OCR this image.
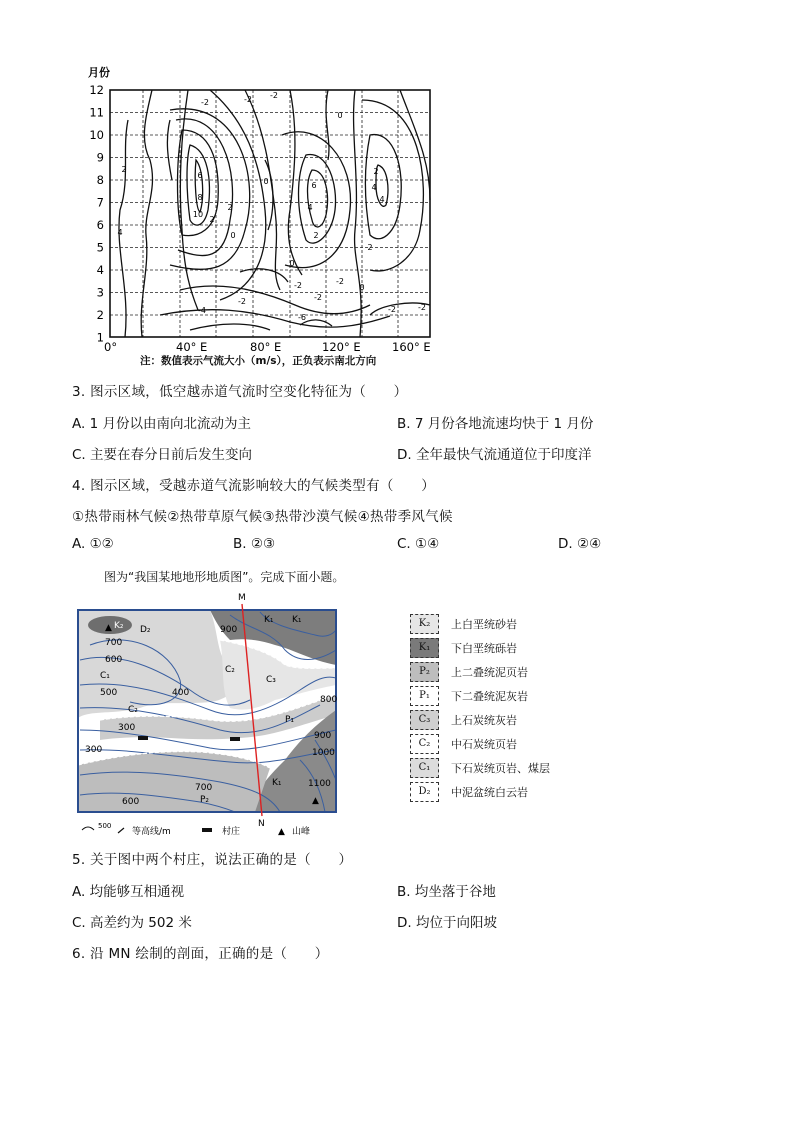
月份
12
11
10
9
8
7
6
5
4
3
2
1
-2	-2 -2
0
0
2
4
6
8
10
2
2
0
-2
0
4
2
6
-2
-2
-6
-4	-2	-2
-2
2
4
4
2
0
0°	40° E	80° E	120° E	160° E
注：数值表示气流大小（m/s），正负表示南北方向
3. 图示区域，低空越赤道气流时空变化特征为（　　）
A. 1 月份以由南向北流动为主	B. 7 月份各地流速均快于 1 月份
C. 主要在春分日前后发生变向	D. 全年最快气流通道位于印度洋
4. 图示区域，受越赤道气流影响较大的气候类型有（　　）
①热带雨林气候②热带草原气候③热带沙漠气候④热带季风气候
A. ①②	B. ②③	C. ①④	D. ②④
图为“我国某地地形地质图”。完成下面小题。
M
N
▲
▲
K₂
K₁
D₂
700
600
C₁
500	400
C₂
300
300
900
K₁
C₂
C₃
P₁
900
1000
800
700
600	P₂
K₁	1100
500
等高线/m	村庄	▲ 山峰
K₂	上白垩统砂岩
K₁	下白垩统砾岩
P₂	上二叠统泥页岩
P₁	下二叠统泥灰岩
C₃	上石炭统灰岩
C₂	中石炭统页岩
C₁	下石炭统页岩、煤层
D₂	中泥盆统白云岩
5. 关于图中两个村庄，说法正确的是（　　）
A. 均能够互相通视	B. 均坐落于谷地
C. 高差约为 502 米	D. 均位于向阳坡
6. 沿 MN 绘制的剖面，正确的是（　　）
